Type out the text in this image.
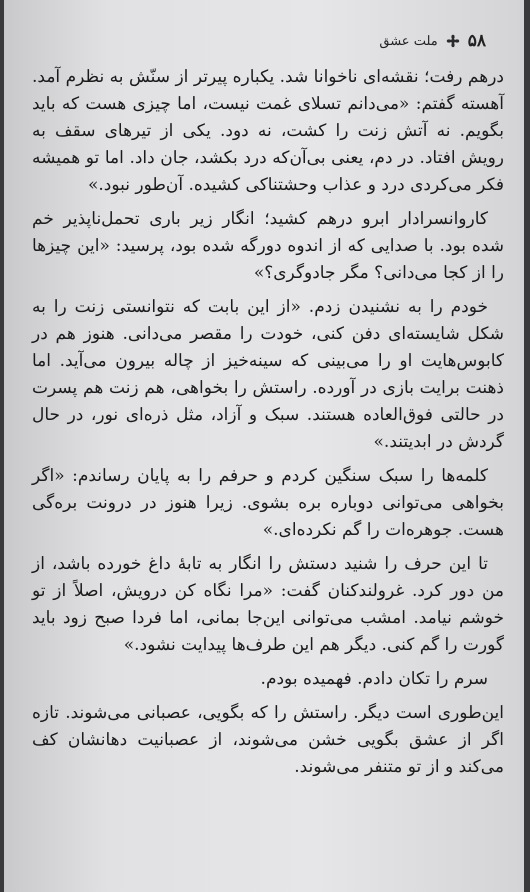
۵۸
ملت عشق

درهم رفت؛ نقشه‌ای ناخوانا شد. یکباره پیرتر از سنّش به نظرم آمد. آهسته گفتم: «می‌دانم تسلای غمت نیست، اما چیزی هست که باید بگویم. نه آتش زنت را کشت، نه دود. یکی از تیرهای سقف به رویش افتاد. در دم، یعنی بی‌آن‌که درد بکشد، جان داد. اما تو همیشه فکر می‌کردی درد و عذاب وحشتناکی کشیده. آن‌طور نبود.»

کاروانسرادار ابرو درهم کشید؛ انگار زیر باری تحمل‌ناپذیر خم شده بود. با صدایی که از اندوه دورگه شده بود، پرسید: «این چیزها را از کجا می‌دانی؟ مگر جادوگری؟»

خودم را به نشنیدن زدم. «از این بابت که نتوانستی زنت را به شکل شایسته‌ای دفن کنی، خودت را مقصر می‌دانی. هنوز هم در کابوس‌هایت او را می‌بینی که سینه‌خیز از چاله بیرون می‌آید. اما ذهنت برایت بازی در آورده. راستش را بخواهی، هم زنت هم پسرت در حالتی فوق‌العاده هستند. سبک و آزاد، مثل ذره‌ای نور، در حال گردش در ابدیتند.»

کلمه‌ها را سبک سنگین کردم و حرفم را به پایان رساندم: «اگر بخواهی می‌توانی دوباره بره بشوی. زیرا هنوز در درونت بره‌گی هست. جوهره‌ات را گم نکرده‌ای.»

تا این حرف را شنید دستش را انگار به تابهٔ داغ خورده باشد، از من دور کرد. غرولندکنان گفت: «مرا نگاه کن درویش، اصلاً از تو خوشم نیامد. امشب می‌توانی این‌جا بمانی، اما فردا صبح زود باید گورت را گم کنی. دیگر هم این طرف‌ها پیدایت نشود.»

سرم را تکان دادم. فهمیده بودم.

این‌طوری است دیگر. راستش را که بگویی، عصبانی می‌شوند. تازه اگر از عشق بگویی خشن می‌شوند، از عصبانیت دهانشان کف می‌کند و از تو متنفر می‌شوند.
